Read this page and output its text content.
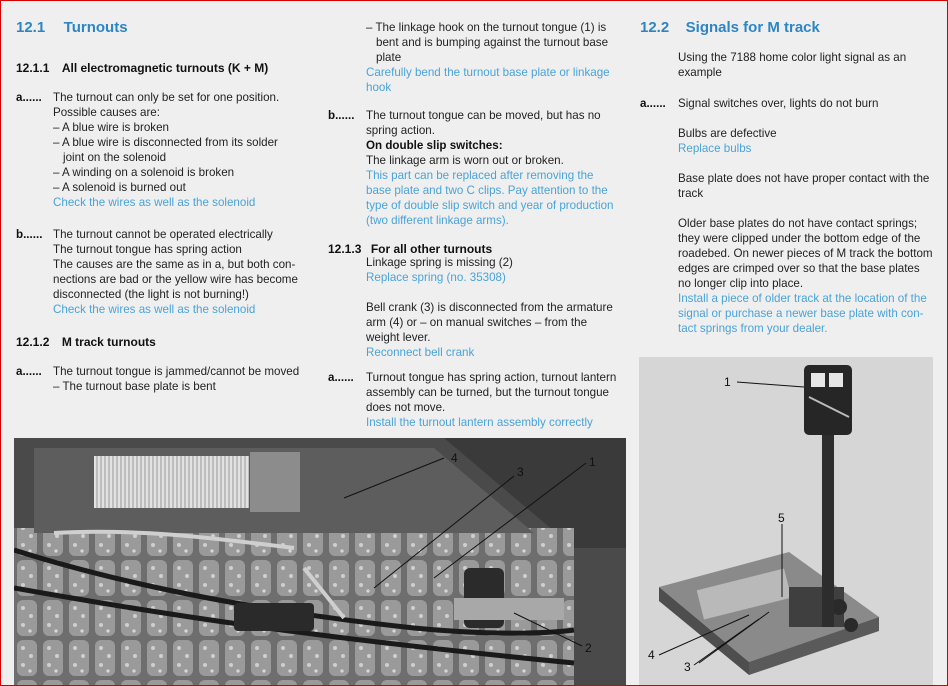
12.1 Turnouts
12.1.1 All electromagnetic turnouts (K + M)
a...... The turnout can only be set for one position.
Possible causes are:
– A blue wire is broken
– A blue wire is disconnected from its solder
joint on the solenoid
– A winding on a solenoid is broken
– A solenoid is burned out
Check the wires as well as the solenoid
b...... The turnout cannot be operated electrically
The turnout tongue has spring action
The causes are the same as in a, but both con-
nections are bad or the yellow wire has become
disconnected (the light is not burning!)
Check the wires as well as the solenoid
12.1.2 M track turnouts
a...... The turnout tongue is jammed/cannot be moved
– The turnout base plate is bent
– The linkage hook on the turnout tongue (1) is
bent and is bumping against the turnout base
plate
Carefully bend the turnout base plate or linkage
hook
b...... The turnout tongue can be moved, but has no
spring action.
On double slip switches:
The linkage arm is worn out or broken.
This part can be replaced after removing the
base plate and two C clips. Pay attention to the
type of double slip switch and year of production
(two different linkage arms).
12.1.3 For all other turnouts
Linkage spring is missing (2)
Replace spring (no. 35308)
Bell crank (3) is disconnected from the armature
arm (4) or – on manual switches – from the
weight lever.
Reconnect bell crank
a...... Turnout tongue has spring action, turnout lantern
assembly can be turned, but the turnout tongue
does not move.
Install the turnout lantern assembly correctly
12.2 Signals for M track
Using the 7188 home color light signal as an
example
a...... Signal switches over, lights do not burn
Bulbs are defective
Replace bulbs
Base plate does not have proper contact with the
track
Older base plates do not have contact springs;
they were clipped under the bottom edge of the
roadebed. On newer pieces of M track the bottom
edges are crimped over so that the base plates
no longer clip into place.
Install a piece of older track at the location of the
signal or purchase a newer base plate with con-
tact springs from your dealer.
4
3
1
2
1
5
4
3
